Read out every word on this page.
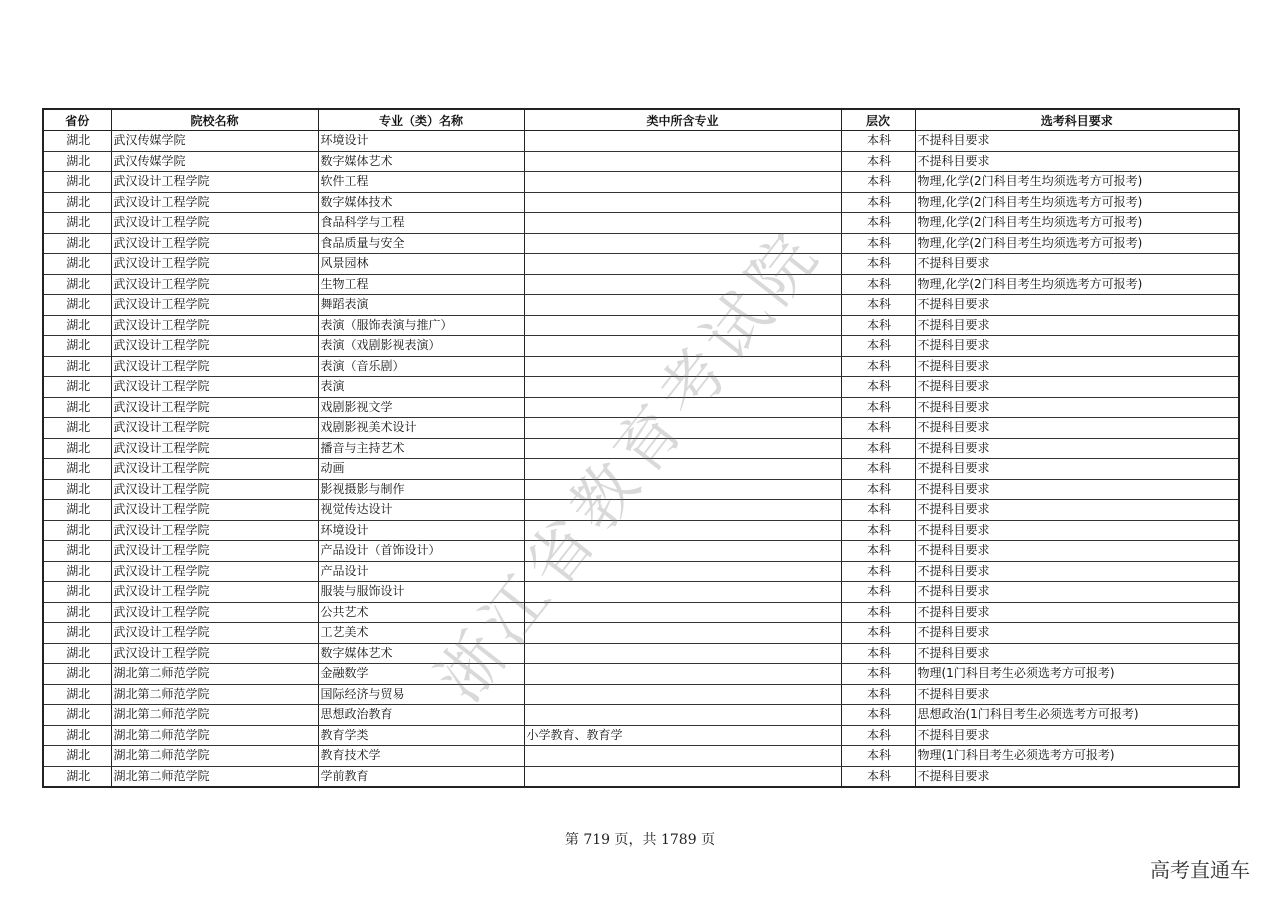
省份	院校名称	专业（类）名称	类中所含专业	层次	选考科目要求
湖北	武汉传媒学院	环境设计		本科	不提科目要求
湖北	武汉传媒学院	数字媒体艺术		本科	不提科目要求
湖北	武汉设计工程学院	软件工程		本科	物理,化学(2门科目考生均须选考方可报考)
湖北	武汉设计工程学院	数字媒体技术		本科	物理,化学(2门科目考生均须选考方可报考)
湖北	武汉设计工程学院	食品科学与工程		本科	物理,化学(2门科目考生均须选考方可报考)
湖北	武汉设计工程学院	食品质量与安全		本科	物理,化学(2门科目考生均须选考方可报考)
湖北	武汉设计工程学院	风景园林		本科	不提科目要求
湖北	武汉设计工程学院	生物工程		本科	物理,化学(2门科目考生均须选考方可报考)
湖北	武汉设计工程学院	舞蹈表演		本科	不提科目要求
湖北	武汉设计工程学院	表演（服饰表演与推广）		本科	不提科目要求
湖北	武汉设计工程学院	表演（戏剧影视表演）		本科	不提科目要求
湖北	武汉设计工程学院	表演（音乐剧）		本科	不提科目要求
湖北	武汉设计工程学院	表演		本科	不提科目要求
湖北	武汉设计工程学院	戏剧影视文学		本科	不提科目要求
湖北	武汉设计工程学院	戏剧影视美术设计		本科	不提科目要求
湖北	武汉设计工程学院	播音与主持艺术		本科	不提科目要求
湖北	武汉设计工程学院	动画		本科	不提科目要求
湖北	武汉设计工程学院	影视摄影与制作		本科	不提科目要求
湖北	武汉设计工程学院	视觉传达设计		本科	不提科目要求
湖北	武汉设计工程学院	环境设计		本科	不提科目要求
湖北	武汉设计工程学院	产品设计（首饰设计）		本科	不提科目要求
湖北	武汉设计工程学院	产品设计		本科	不提科目要求
湖北	武汉设计工程学院	服装与服饰设计		本科	不提科目要求
湖北	武汉设计工程学院	公共艺术		本科	不提科目要求
湖北	武汉设计工程学院	工艺美术		本科	不提科目要求
湖北	武汉设计工程学院	数字媒体艺术		本科	不提科目要求
湖北	湖北第二师范学院	金融数学		本科	物理(1门科目考生必须选考方可报考)
湖北	湖北第二师范学院	国际经济与贸易		本科	不提科目要求
湖北	湖北第二师范学院	思想政治教育		本科	思想政治(1门科目考生必须选考方可报考)
湖北	湖北第二师范学院	教育学类	小学教育、教育学	本科	不提科目要求
湖北	湖北第二师范学院	教育技术学		本科	物理(1门科目考生必须选考方可报考)
湖北	湖北第二师范学院	学前教育		本科	不提科目要求
浙江省教育考试院
第 719 页，共 1789 页
高考直通车
